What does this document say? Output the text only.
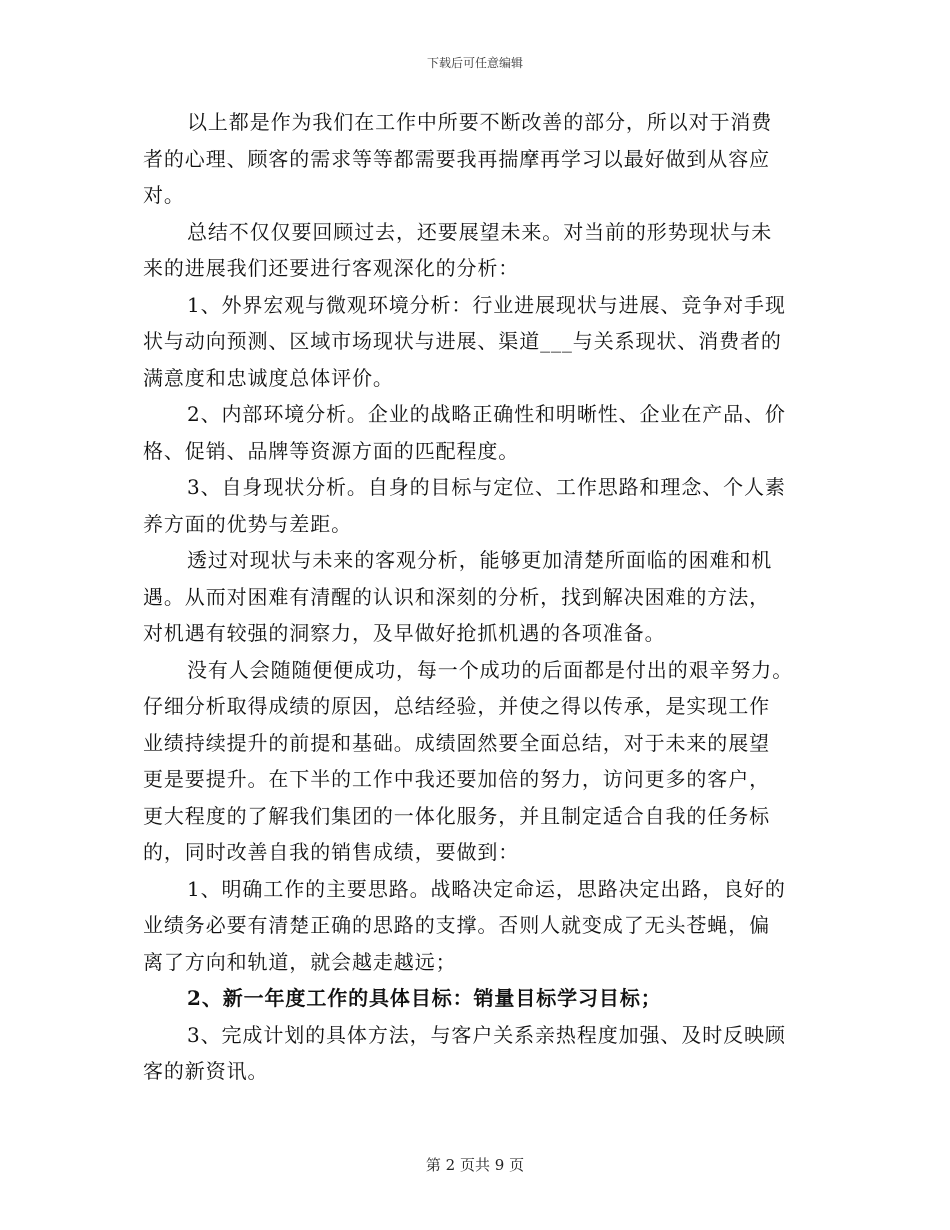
下载后可任意编辑
以上都是作为我们在工作中所要不断改善的部分，所以对于消费
者的心理、顾客的需求等等都需要我再揣摩再学习以最好做到从容应
对。
总结不仅仅要回顾过去，还要展望未来。对当前的形势现状与未
来的进展我们还要进行客观深化的分析：
1、外界宏观与微观环境分析：行业进展现状与进展、竞争对手现
状与动向预测、区域市场现状与进展、渠道___与关系现状、消费者的
满意度和忠诚度总体评价。
2、内部环境分析。企业的战略正确性和明晰性、企业在产品、价
格、促销、品牌等资源方面的匹配程度。
3、自身现状分析。自身的目标与定位、工作思路和理念、个人素
养方面的优势与差距。
透过对现状与未来的客观分析，能够更加清楚所面临的困难和机
遇。从而对困难有清醒的认识和深刻的分析，找到解决困难的方法，
对机遇有较强的洞察力，及早做好抢抓机遇的各项准备。
没有人会随随便便成功，每一个成功的后面都是付出的艰辛努力。
仔细分析取得成绩的原因，总结经验，并使之得以传承，是实现工作
业绩持续提升的前提和基础。成绩固然要全面总结，对于未来的展望
更是要提升。在下半的工作中我还要加倍的努力，访问更多的客户，
更大程度的了解我们集团的一体化服务，并且制定适合自我的任务标
的，同时改善自我的销售成绩，要做到：
1、明确工作的主要思路。战略决定命运，思路决定出路，良好的
业绩务必要有清楚正确的思路的支撑。否则人就变成了无头苍蝇，偏
离了方向和轨道，就会越走越远；
2、新一年度工作的具体目标：销量目标学习目标；
3、完成计划的具体方法，与客户关系亲热程度加强、及时反映顾
客的新资讯。
第 2 页共 9 页
